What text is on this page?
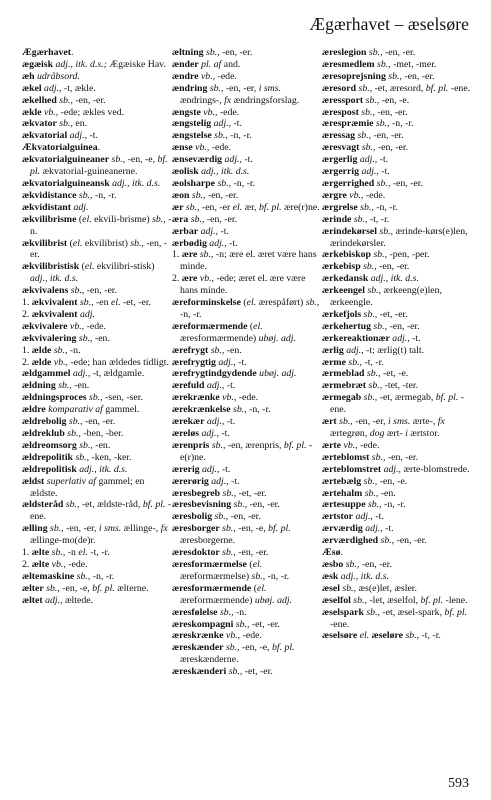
Ægærhavet – æselsøre

Ægærhavet.

ægæisk adj., itk. d.s.; Ægæiske Hav.

æh udråbsord.

ækel adj., -t, ækle.

ækelhed sb., -en, -er.

ækle vb., -ede; ækles ved.

ækvator sb., en.

ækvatorial adj., -t.

Ækvatorialguinea.

ækvatorialguineaner sb., -en, -e, bf. pl. ækvatorial-guineanerne.

ækvatorialguineansk adj., itk. d.s.

ækvidistance sb., -n, -r.

ækvidistant adj.

ækvilibrisme (el. ekvili-brisme) sb., -n.

ækvilibrist (el. ekvilibrist) sb., -en, -er.

ækvilibristisk (el. ekvilibri-stisk) adj., itk. d.s.

ækvivalens sb., -en, -er.

1. ækvivalent sb., -en el. -et, -er.

2. ækvivalent adj.

ækvivalere vb., -ede.

ækvivalering sb., -en.

1. ælde sb., -n.

2. ælde vb., -ede; han ældedes tidligt.

ældgammel adj., -t, ældgamle.

ældning sb., -en.

ældningsproces sb., -sen, -ser.

ældre komparativ af gammel.

ældrebolig sb., -en, -er.

ældreklub sb., -ben, -ber.

ældreomsorg sb., -en.

ældrepolitik sb., -ken, -ker.

ældrepolitisk adj., itk. d.s.

ældst superlativ af gammel; en ældste.

ældsteråd sb., -et, ældste-råd, bf. pl. -ene.

ælling sb., -en, -er, i sms. ællinge-, fx ællinge-mo(de)r.

1. ælte sb., -n el. -t, -r.

2. ælte vb., -ede.

æltemaskine sb., -n, -r.

ælter sb., -en, -e, bf. pl. ælterne.

æltet adj., æltede.

æltning sb., -en, -er.

ænder pl. af and.

ændre vb., -ede.

ændring sb., -en, -er, i sms. ændrings-, fx ændringsforslag.

ængste vb., -ede.

ængstelig adj., -t.

ængstelse sb., -n, -r.

ænse vb., -ede.

ænseværdig adj., -t.

æolisk adj., itk. d.s.

æolsharpe sb., -n, -r.

æon sb., -en, -er.

ær sb., -en, -er el. ær, bf. pl. ære(r)ne.

æra sb., -en, -er.

ærbar adj., -t.

ærbødig adj., -t.

1. ære sb., -n; ære el. æret være hans minde.

2. ære vb., -ede; æret el. ære være hans minde.

æreforminskelse (el. ærespåført) sb., -n, -r.

æreformærmende (el. æresformærmende) ubøj. adj.

ærefrygt sb., -en.

ærefrygtig adj., -t.

ærefrygtindgydende ubøj. adj.

ærefuld adj., -t.

ærekrænke vb., -ede.

ærekrænkelse sb., -n, -r.

ærekær adj., -t.

æreløs adj., -t.

ærenpris sb., -en, ærenpris, bf. pl. -e(r)ne.

ærerig adj., -t.

ærerørig adj., -t.

æresbegreb sb., -et, -er.

æresbevisning sb., -en, -er.

æresbolig sb., -en, -er.

æresborger sb., -en, -e, bf. pl. æresborgerne.

æresdoktor sb., -en, -er.

æresformærmelse (el. æreformærmelse) sb., -n, -r.

æresformærmende (el. æreformærmende) ubøj. adj.

æresfølelse sb., -n.

æreskompagni sb., -et, -er.

æreskrænke vb., -ede.

æreskænder sb., -en, -e, bf. pl. æreskænderne.

æreskænderi sb., -et, -er.

æreslegion sb., -en, -er.

æresmedlem sb., -met, -mer.

æresoprejsning sb., -en, -er.

æresord sb., -et, æresord, bf. pl. -ene.

æressport sb., -en, -e.

ærespost sb., -en, -er.

ærespræmie sb., -n, -r.

æressag sb., -en, -er.

æresvagt sb., -en, -er.

ærgerlig adj., -t.

ærgerrig adj., -t.

ærgerrighed sb., -en, -er.

ærgre vb., -ede.

ærgrelse sb., -n, -r.

ærinde sb., -t, -r.

ærindekørsel sb., ærinde-kørs(e)len, ærindekørsler.

ærkebiskop sb., -pen, -per.

ærkebisp sb., -en, -er.

ærkedansk adj., itk. d.s.

ærkeengel sb., ærkeeng(e)len, ærkeengle.

ærkefjols sb., -et, -er.

ærkehertug sb., -en, -er.

ærkereaktionær adj., -t.

ærlig adj., -t; ærlig(t) talt.

ærme sb., -t, -r.

ærmeblad sb., -et, -e.

ærmebræt sb., -tet, -ter.

ærmegab sb., -et, ærmegab, bf. pl. -ene.

ært sb., -en, -er, i sms. ærte-, fx ærtegrøn, dog ært- i ærtstor.

ærte vb., -ede.

ærteblomst sb., -en, -er.

ærteblomstret adj., ærte-blomstrede.

ærtebælg sb., -en, -e.

ærtehalm sb., -en.

ærtesuppe sb., -n, -r.

ærtstor adj., -t.

ærværdig adj., -t.

ærværdighed sb., -en, -er.

Æsø.

æsbo sb., -en, -er.

æsk adj., itk. d.s.

æsel sb., æs(e)let, æsler.

æselfol sb., -let, æselfol, bf. pl. -lene.

æselspark sb., -et, æsel-spark, bf. pl. -ene.

æselsøre el. æseløre sb., -t, -r.

593
